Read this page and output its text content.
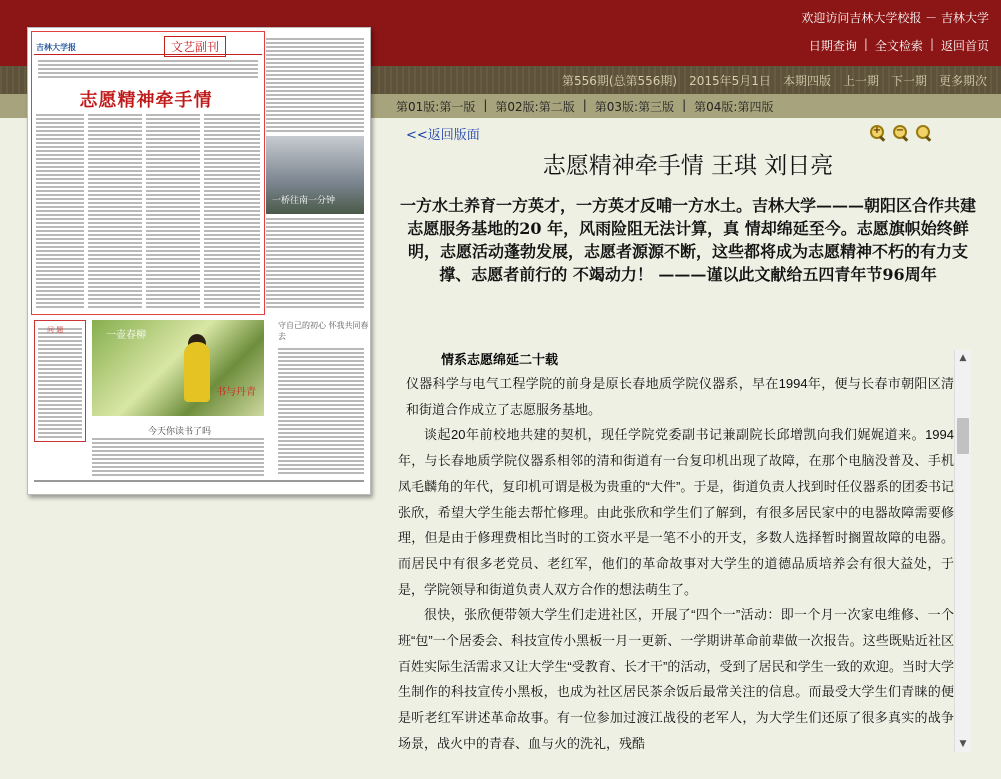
欢迎访问吉林大学校报 － 吉林大学
日期查询 | 全文检索 | 返回首页
第556期(总第556期) 2015年5月1日 本期四版 上一期 下一期 更多期次
第01版:第一版 | 第02版:第二版 | 第03版:第三版 | 第04版:第四版
吉林大学报	文艺副刊
志愿精神牵手情
一桥往南一分钟
问 题	一壶春柳
书与丹青
今天你读书了吗
守自己的初心 怀我共同春去
<<返回版面	+ −
志愿精神牵手情 王琪 刘日亮
一方水土养育一方英才，一方英才反哺一方水土。吉林大学———朝阳区合作共建志愿服务基地的20 年，风雨险阻无法计算，真 情却绵延至今。志愿旗帜始终鲜明，志愿活动蓬勃发展，志愿者源源不断，这些都将成为志愿精神不朽的有力支撑、志愿者前行的 不竭动力！ ———谨以此文献给五四青年节96周年
情系志愿绵延二十载

仪器科学与电气工程学院的前身是原长春地质学院仪器系，早在1994年，便与长春市朝阳区清和街道合作成立了志愿服务基地。

谈起20年前校地共建的契机，现任学院党委副书记兼副院长邱增凯向我们娓娓道来。1994年，与长春地质学院仪器系相邻的清和街道有一台复印机出现了故障，在那个电脑没普及、手机凤毛麟角的年代，复印机可谓是极为贵重的“大件”。于是，街道负责人找到时任仪器系的团委书记张欣，希望大学生能去帮忙修理。由此张欣和学生们了解到，有很多居民家中的电器故障需要修理，但是由于修理费相比当时的工资水平是一笔不小的开支，多数人选择暂时搁置故障的电器。而居民中有很多老党员、老红军，他们的革命故事对大学生的道德品质培养会有很大益处，于是，学院领导和街道负责人双方合作的想法萌生了。

很快，张欣便带领大学生们走进社区，开展了“四个一”活动：即一个月一次家电维修、一个班“包”一个居委会、科技宣传小黑板一月一更新、一学期讲革命前辈做一次报告。这些既贴近社区百姓实际生活需求又让大学生“受教育、长才干”的活动，受到了居民和学生一致的欢迎。当时大学生制作的科技宣传小黑板，也成为社区居民茶余饭后最常关注的信息。而最受大学生们青睐的便是听老红军讲述革命故事。有一位参加过渡江战役的老军人，为大学生们还原了很多真实的战争场景，战火中的青春、血与火的洗礼，残酷

▲
▼
